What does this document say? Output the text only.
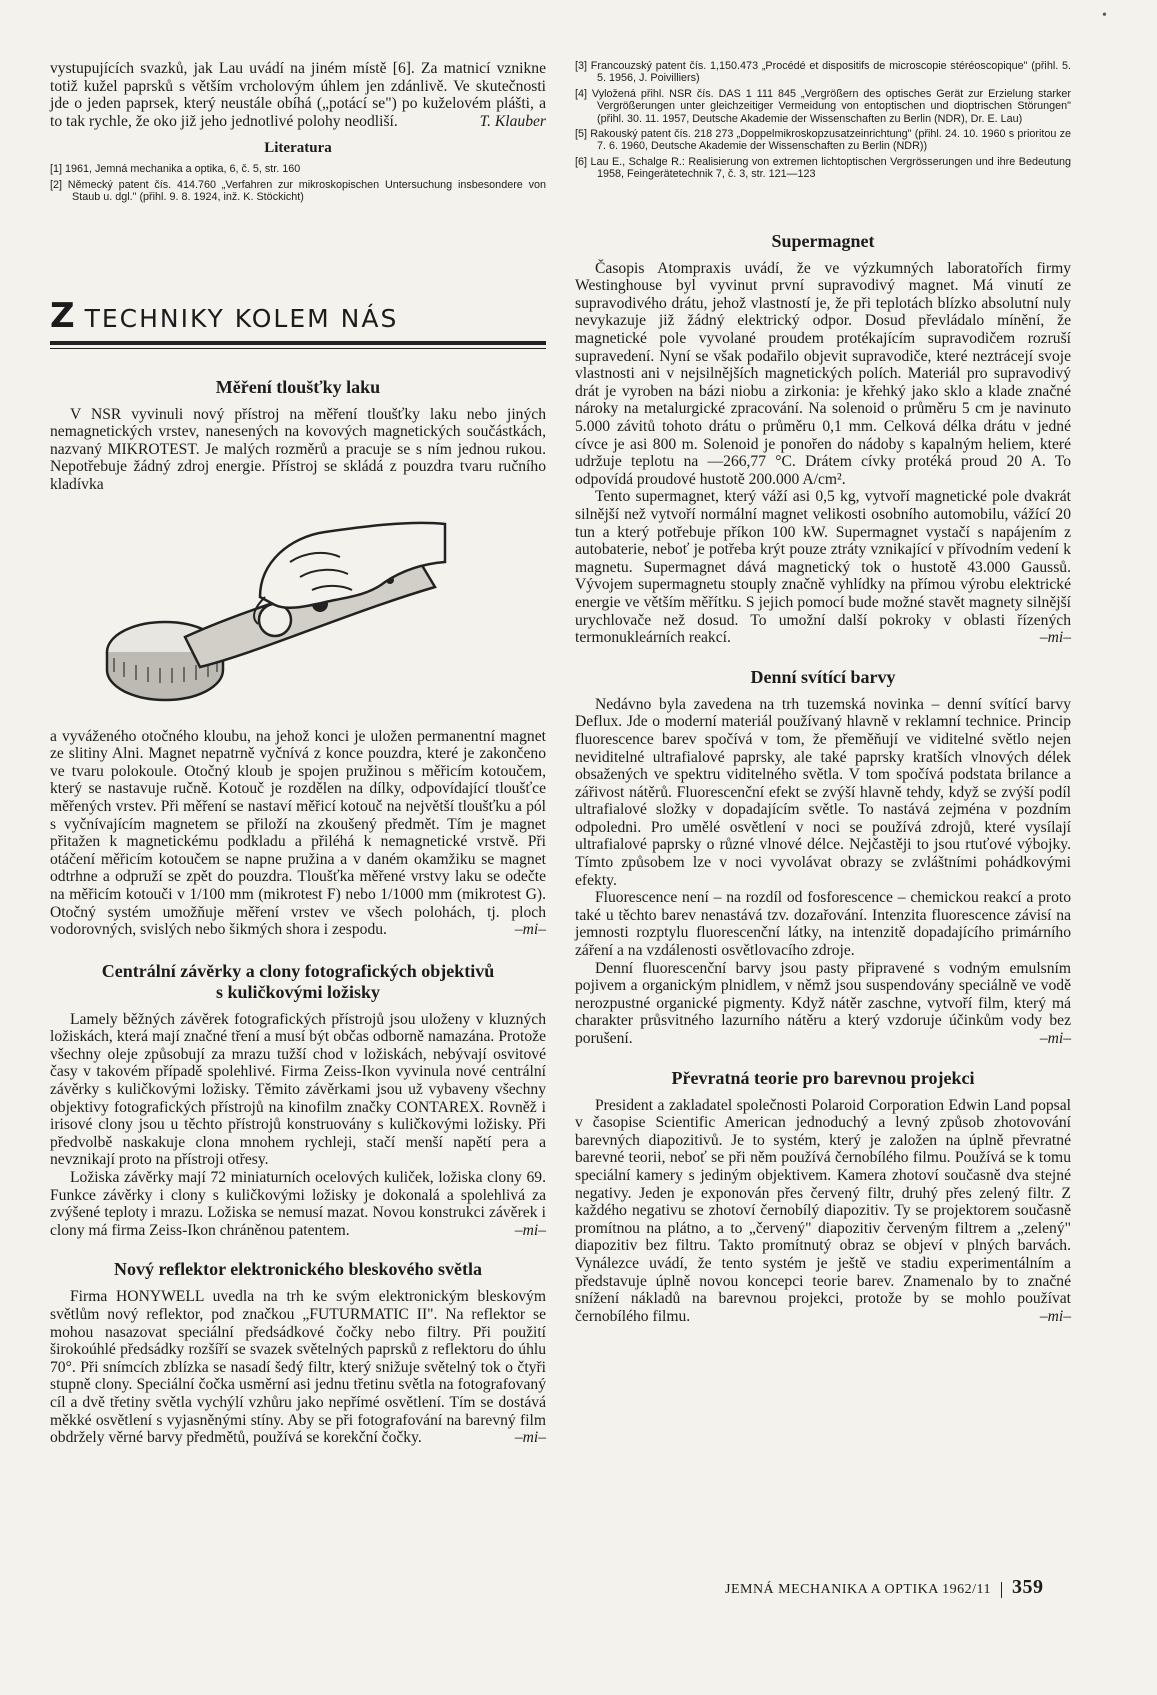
•

vystupujících svazků, jak Lau uvádí na jiném místě [6]. Za matnicí vznikne totiž kužel paprsků s větším vrcholovým úhlem jen zdánlivě. Ve skutečnosti jde o jeden paprsek, který neustále obíhá („potácí se") po kuželovém plášti, a to tak rychle, že oko již jeho jednotlivé polohy neodliší.	T. Klauber

Literatura
[1] 1961, Jemná mechanika a optika, 6, č. 5, str. 160
[2] Německý patent čís. 414.760 „Verfahren zur mikroskopischen Untersuchung insbesondere von Staub u. dgl." (přihl. 9. 8. 1924, inž. K. Stöckicht)
Z TECHNIKY KOLEM NÁS
Měření tloušťky laku

V NSR vyvinuli nový přístroj na měření tloušťky laku nebo jiných nemagnetických vrstev, nanesených na kovových magnetických součástkách, nazvaný MIKROTEST. Je malých rozměrů a pracuje se s ním jednou rukou. Nepotřebuje žádný zdroj energie. Přístroj se skládá z pouzdra tvaru ručního kladívka

a vyváženého otočného kloubu, na jehož konci je uložen permanentní magnet ze slitiny Alni. Magnet nepatrně vyčnívá z konce pouzdra, které je zakončeno ve tvaru polokoule. Otočný kloub je spojen pružinou s měřicím kotoučem, který se nastavuje ručně. Kotouč je rozdělen na dílky, odpovídající tloušťce měřených vrstev. Při měření se nastaví měřicí kotouč na největší tloušťku a pól s vyčnívajícím magnetem se přiloží na zkoušený předmět. Tím je magnet přitažen k magnetickému podkladu a přiléhá k nemagnetické vrstvě. Při otáčení měřicím kotoučem se napne pružina a v daném okamžiku se magnet odtrhne a odpruží se zpět do pouzdra. Tloušťka měřené vrstvy laku se odečte na měřicím kotouči v 1/100 mm (mikrotest F) nebo 1/1000 mm (mikrotest G). Otočný systém umožňuje měření vrstev ve všech polohách, tj. ploch vodorovných, svislých nebo šikmých shora i zespodu.	–mi–

Centrální závěrky a clony fotografických objektivů
s kuličkovými ložisky

Lamely běžných závěrek fotografických přístrojů jsou uloženy v kluzných ložiskách, která mají značné tření a musí být občas odborně namazána. Protože všechny oleje způsobují za mrazu tužší chod v ložiskách, nebývají osvitové časy v takovém případě spolehlivé. Firma Zeiss-Ikon vyvinula nové centrální závěrky s kuličkovými ložisky. Těmito závěrkami jsou už vybaveny všechny objektivy fotografických přístrojů na kinofilm značky CONTAREX. Rovněž i irisové clony jsou u těchto přístrojů konstruovány s kuličkovými ložisky. Při předvolbě naskakuje clona mnohem rychleji, stačí menší napětí pera a nevznikají proto na přístroji otřesy.

Ložiska závěrky mají 72 miniaturních ocelových kuliček, ložiska clony 69. Funkce závěrky i clony s kuličkovými ložisky je dokonalá a spolehlivá za zvýšené teploty i mrazu. Ložiska se nemusí mazat. Novou konstrukci závěrek i clony má firma Zeiss-Ikon chráněnou patentem.	–mi–

Nový reflektor elektronického bleskového světla

Firma HONYWELL uvedla na trh ke svým elektronickým bleskovým světlům nový reflektor, pod značkou „FUTURMATIC II". Na reflektor se mohou nasazovat speciální předsádkové čočky nebo filtry. Při použití širokoúhlé předsádky rozšíří se svazek světelných paprsků z reflektoru do úhlu 70°. Při snímcích zblízka se nasadí šedý filtr, který snižuje světelný tok o čtyři stupně clony. Speciální čočka usměrní asi jednu třetinu světla na fotografovaný cíl a dvě třetiny světla vychýlí vzhůru jako nepřímé osvětlení. Tím se dostává měkké osvětlení s vyjasněnými stíny. Aby se při fotografování na barevný film obdržely věrné barvy předmětů, používá se korekční čočky.	–mi–

[3] Francouzský patent čís. 1,150.473 „Procédé et dispositifs de microscopie stéréoscopique" (přihl. 5. 5. 1956, J. Poivilliers)
[4] Vyložená přihl. NSR čís. DAS 1 111 845 „Vergrößern des optisches Gerät zur Erzielung starker Vergrößerungen unter gleichzeitiger Vermeidung von entoptischen und dioptrischen Störungen" (přihl. 30. 11. 1957, Deutsche Akademie der Wissenschaften zu Berlin (NDR), Dr. E. Lau)
[5] Rakouský patent čís. 218 273 „Doppelmikroskopzusatzeinrichtung" (přihl. 24. 10. 1960 s prioritou ze 7. 6. 1960, Deutsche Akademie der Wissenschaften zu Berlin (NDR))
[6] Lau E., Schalge R.: Realisierung von extremen lichtoptischen Vergrösserungen und ihre Bedeutung 1958, Feingerätetechnik 7, č. 3, str. 121—123
Supermagnet

Časopis Atompraxis uvádí, že ve výzkumných laboratořích firmy Westinghouse byl vyvinut první supravodivý magnet. Má vinutí ze supravodivého drátu, jehož vlastností je, že při teplotách blízko absolutní nuly nevykazuje již žádný elektrický odpor. Dosud převládalo mínění, že magnetické pole vyvolané proudem protékajícím supravodičem rozruší supravedení. Nyní se však podařilo objevit supravodiče, které neztrácejí svoje vlastnosti ani v nejsilnějších magnetických polích. Materiál pro supravodivý drát je vyroben na bázi niobu a zirkonia: je křehký jako sklo a klade značné nároky na metalurgické zpracování. Na solenoid o průměru 5 cm je navinuto 5.000 závitů tohoto drátu o průměru 0,1 mm. Celková délka drátu v jedné cívce je asi 800 m. Solenoid je ponořen do nádoby s kapalným heliem, které udržuje teplotu na —266,77 °C. Drátem cívky protéká proud 20 A. To odpovídá proudové hustotě 200.000 A/cm².

Tento supermagnet, který váží asi 0,5 kg, vytvoří magnetické pole dvakrát silnější než vytvoří normální magnet velikosti osobního automobilu, vážící 20 tun a který potřebuje příkon 100 kW. Supermagnet vystačí s napájením z autobaterie, neboť je potřeba krýt pouze ztráty vznikající v přívodním vedení k magnetu. Supermagnet dává magnetický tok o hustotě 43.000 Gaussů. Vývojem supermagnetu stouply značně vyhlídky na přímou výrobu elektrické energie ve větším měřítku. S jejich pomocí bude možné stavět magnety silnější urychlovače než dosud. To umožní další pokroky v oblasti řízených termonukleárních reakcí.	–mi–

Denní svítící barvy

Nedávno byla zavedena na trh tuzemská novinka – denní svítící barvy Deflux. Jde o moderní materiál používaný hlavně v reklamní technice. Princip fluorescence barev spočívá v tom, že přeměňují ve viditelné světlo nejen neviditelné ultrafialové paprsky, ale také paprsky kratších vlnových délek obsažených ve spektru viditelného světla. V tom spočívá podstata brilance a zářivost nátěrů. Fluorescenční efekt se zvýší hlavně tehdy, když se zvýší podíl ultrafialové složky v dopadajícím světle. To nastává zejména v pozdním odpoledni. Pro umělé osvětlení v noci se používá zdrojů, které vysílají ultrafialové paprsky o různé vlnové délce. Nejčastěji to jsou rtuťové výbojky. Tímto způsobem lze v noci vyvolávat obrazy se zvláštními pohádkovými efekty.

Fluorescence není – na rozdíl od fosforescence – chemickou reakcí a proto také u těchto barev nenastává tzv. dozařování. Intenzita fluorescence závisí na jemnosti rozptylu fluorescenční látky, na intenzitě dopadajícího primárního záření a na vzdálenosti osvětlovacího zdroje.

Denní fluorescenční barvy jsou pasty připravené s vodným emulsním pojivem a organickým plnidlem, v němž jsou suspendovány speciálně ve vodě nerozpustné organické pigmenty. Když nátěr zaschne, vytvoří film, který má charakter průsvitného lazurního nátěru a který vzdoruje účinkům vody bez porušení.	–mi–

Převratná teorie pro barevnou projekci

President a zakladatel společnosti Polaroid Corporation Edwin Land popsal v časopise Scientific American jednoduchý a levný způsob zhotovování barevných diapozitivů. Je to systém, který je založen na úplně převratné barevné teorii, neboť se při něm používá černobílého filmu. Používá se k tomu speciální kamery s jediným objektivem. Kamera zhotoví současně dva stejné negativy. Jeden je exponován přes červený filtr, druhý přes zelený filtr. Z každého negativu se zhotoví černobílý diapozitiv. Ty se projektorem současně promítnou na plátno, a to „červený" diapozitiv červeným filtrem a „zelený" diapozitiv bez filtru. Takto promítnutý obraz se objeví v plných barvách. Vynálezce uvádí, že tento systém je ještě ve stadiu experimentálním a představuje úplně novou koncepci teorie barev. Znamenalo by to značné snížení nákladů na barevnou projekci, protože by se mohlo používat černobílého filmu.	–mi–

JEMNÁ MECHANIKA A OPTIKA 1962/11 359
